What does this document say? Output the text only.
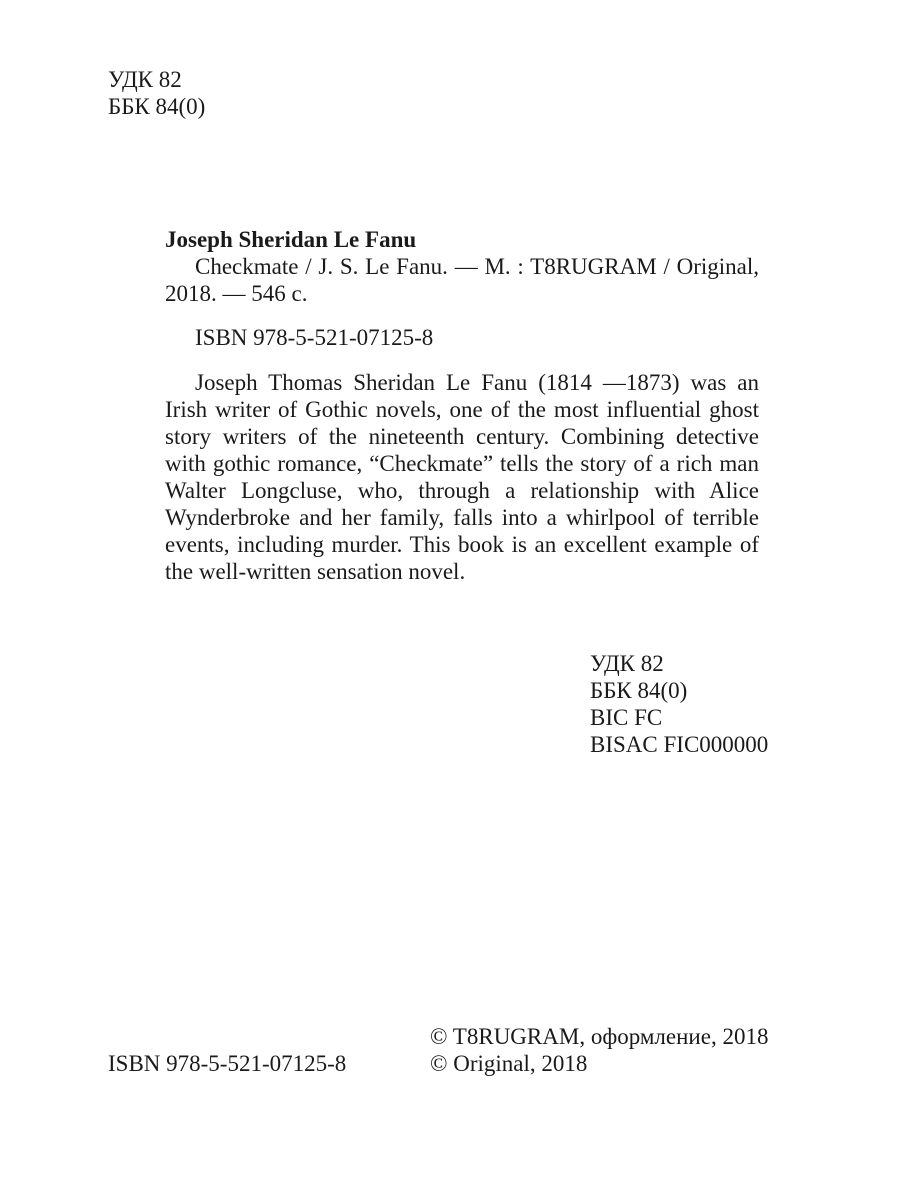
УДК 82
ББК 84(0)
Joseph Sheridan Le Fanu

Checkmate / J. S. Le Fanu. — M. : T8RUGRAM / Original, 2018. — 546 c.

ISBN 978-5-521-07125-8

Joseph Thomas Sheridan Le Fanu (1814 —1873) was an Irish writer of Gothic novels, one of the most influential ghost story writers of the nineteenth century. Combining detective with gothic romance, “Checkmate” tells the story of a rich man Walter Longcluse, who, through a relationship with Alice Wynderbroke and her family, falls into a whirlpool of terrible events, including murder. This book is an excellent example of the well-written sensation novel.

УДК 82
ББК 84(0)
BIC FC
BISAC FIC000000
ISBN 978-5-521-07125-8
© T8RUGRAM, оформление, 2018
© Original, 2018
